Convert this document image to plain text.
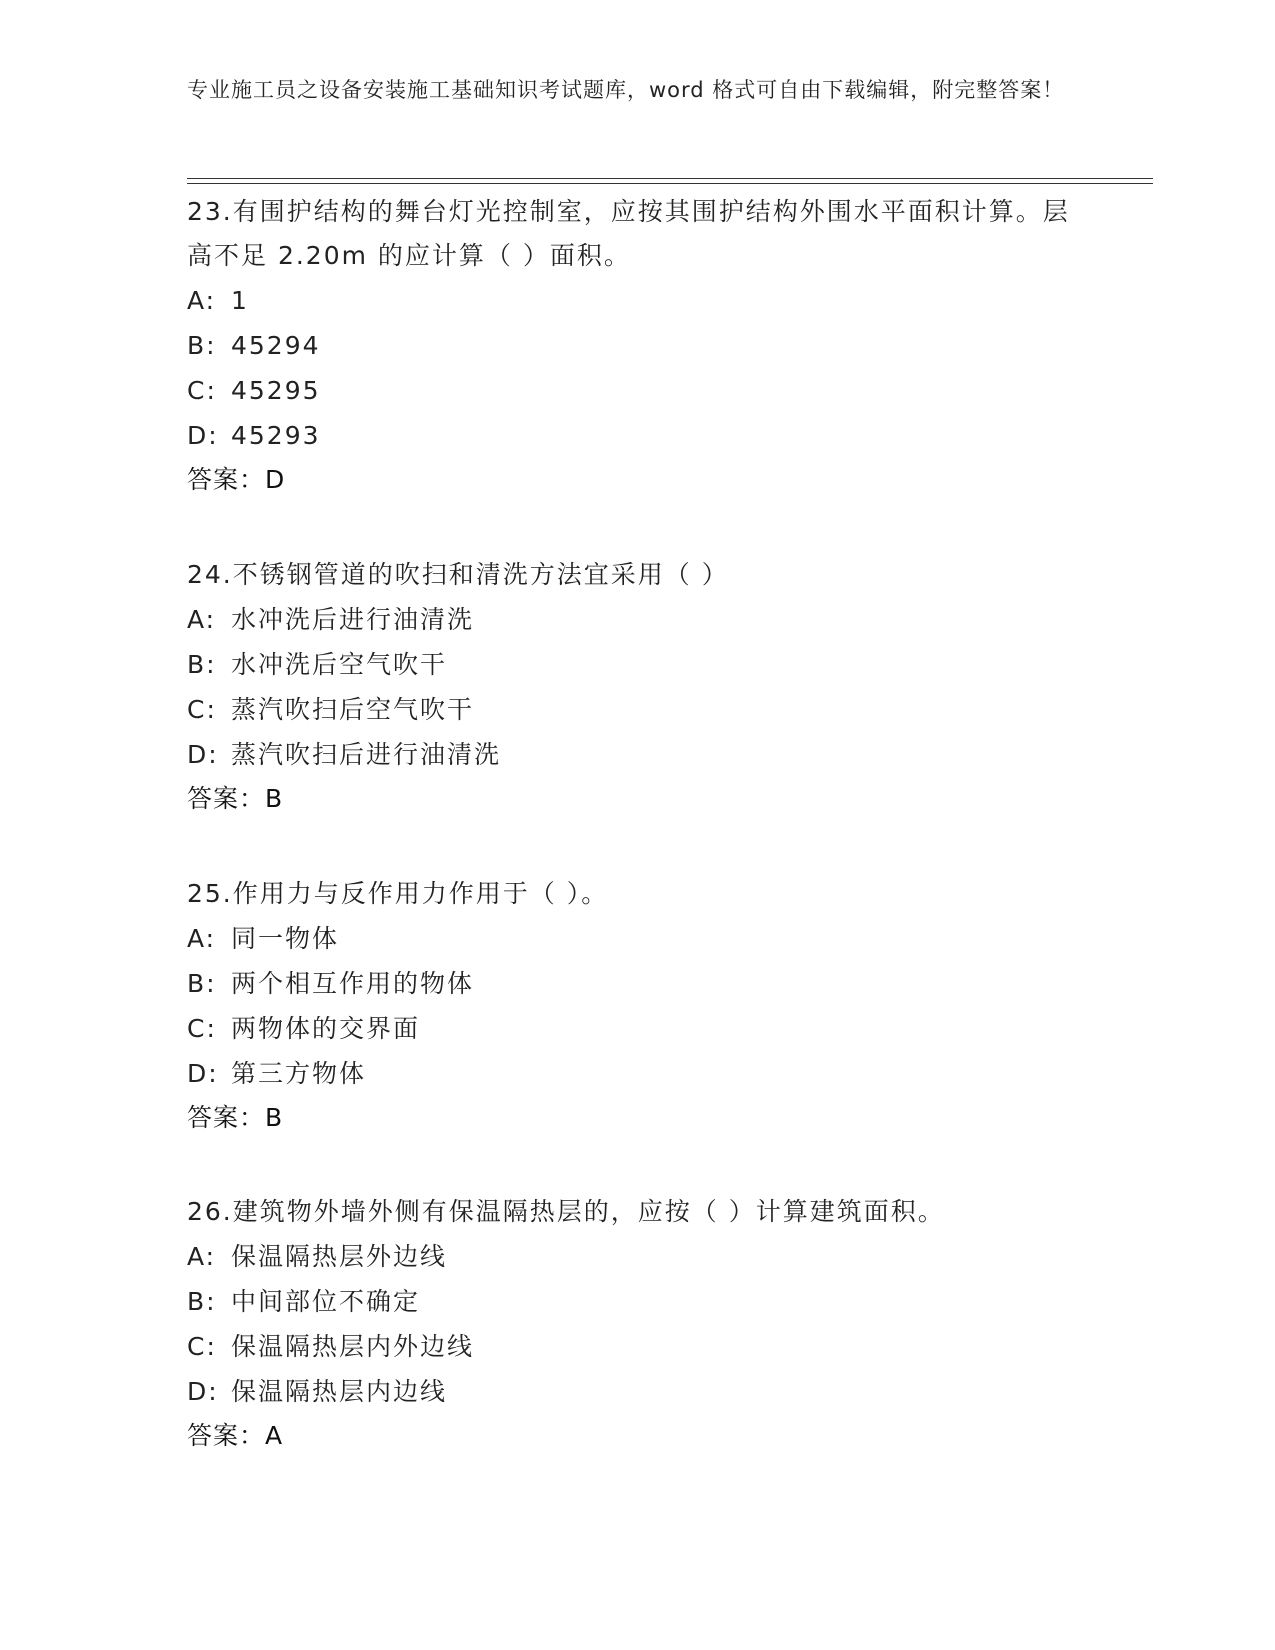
专业施工员之设备安装施工基础知识考试题库，word 格式可自由下载编辑，附完整答案！

23.有围护结构的舞台灯光控制室，应按其围护结构外围水平面积计算。层高不足 2.20m 的应计算（ ）面积。

A: 1

B: 45294

C: 45295

D: 45293

答案：D

24.不锈钢管道的吹扫和清洗方法宜采用（ ）

A: 水冲洗后进行油清洗

B: 水冲洗后空气吹干

C: 蒸汽吹扫后空气吹干

D: 蒸汽吹扫后进行油清洗

答案：B

25.作用力与反作用力作用于（ ）。

A: 同一物体

B: 两个相互作用的物体

C: 两物体的交界面

D: 第三方物体

答案：B

26.建筑物外墙外侧有保温隔热层的，应按（ ）计算建筑面积。

A: 保温隔热层外边线

B: 中间部位不确定

C: 保温隔热层内外边线

D: 保温隔热层内边线

答案：A
